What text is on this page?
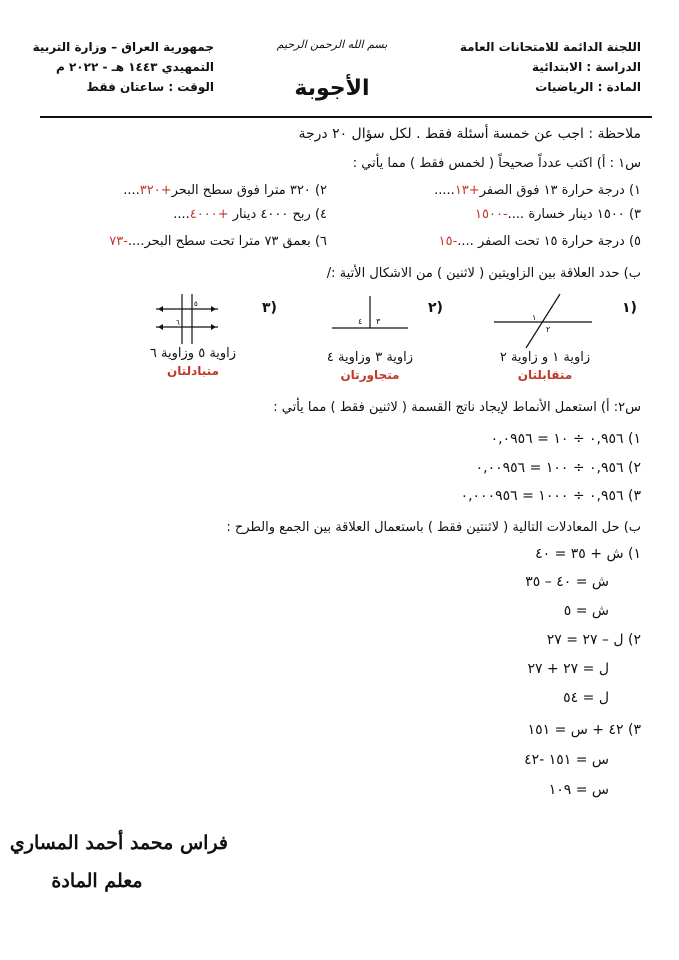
اللجنة الدائمة للامتحانات العامة
الدراسة : الابتدائية
المادة : الرياضيات
جمهورية العراق – وزارة التربية
التمهيدي ١٤٤٣ هـ - ٢٠٢٢ م
الوقت : ساعتان فقط
بسم الله الرحمن الرحيم
الأجوبة
ملاحظة : اجب عن خمسة أسئلة فقط . لكل سؤال ٢٠ درجة
س١ : أ) اكتب عدداً صحيحاً ( لخمس فقط ) مما يأتي :
١) درجة حرارة ١٣ فوق الصفر+١٣.....
٢) ٣٢٠ مترا فوق سطح البحر+٣٢٠....
٣) ١٥٠٠ دينار خسارة ....-١٥٠٠
٤) ربح ٤٠٠٠ دينار +٤٠٠٠....
٥) درجة حرارة ١٥ تحت الصفر ....-١٥
٦) بعمق ٧٣ مترا تحت سطح البحر....-٧٣
ب) حدد العلاقة بين الزاويتين ( لاثنين ) من الاشكال الأتية :/
١)
٢)
٣)
١
٢
٤ ٣
٥
٦
زاوية ١ و زاوية ٢
متقابلتان
زاوية ٣ وزاوية ٤
متجاورتان
زاوية ٥ وزاوية ٦
متبادلتان
س٢: أ) استعمل الأنماط لإيجاد ناتج القسمة ( لاثنين فقط ) مما يأتي :
١) ٠,٩٥٦ ÷ ١٠ = ٠,٠٩٥٦
٢) ٠,٩٥٦ ÷ ١٠٠ = ٠,٠٠٩٥٦
٣) ٠,٩٥٦ ÷ ١٠٠٠ = ٠,٠٠٠٩٥٦
ب) حل المعادلات التالية ( لاثنتين فقط ) باستعمال العلاقة بين الجمع والطرح :
١) ش + ٣٥ = ٤٠
ش = ٤٠ – ٣٥
ش = ٥
٢) ل – ٢٧ = ٢٧
ل = ٢٧ + ٢٧
ل = ٥٤
٣) ٤٢ + س = ١٥١
س = ١٥١ -٤٢
س = ١٠٩
فراس محمد أحمد المساري
معلم المادة
